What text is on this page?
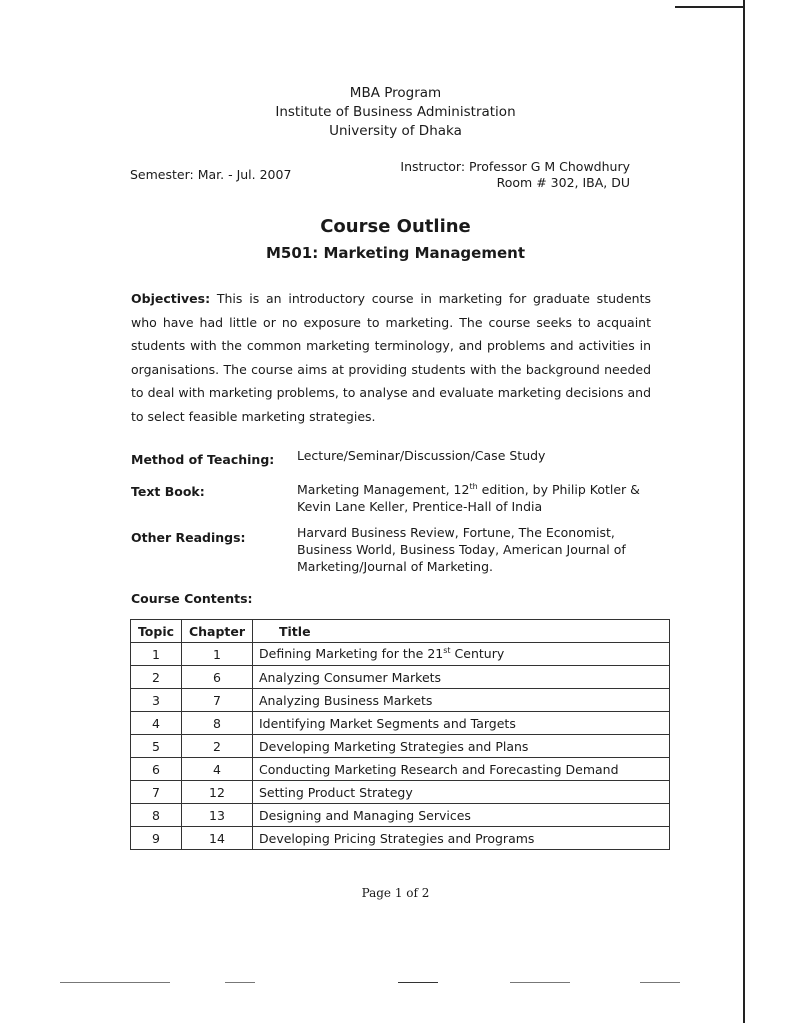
MBA Program
Institute of Business Administration
University of Dhaka
Semester: Mar. - Jul. 2007
Instructor: Professor G M Chowdhury
Room # 302, IBA, DU
Course Outline
M501: Marketing Management
Objectives: This is an introductory course in marketing for graduate students who have had little or no exposure to marketing. The course seeks to acquaint students with the common marketing terminology, and problems and activities in organisations. The course aims at providing students with the background needed to deal with marketing problems, to analyse and evaluate marketing decisions and to select feasible marketing strategies.
Method of Teaching: Lecture/Seminar/Discussion/Case Study
Text Book:	Marketing Management, 12th edition, by Philip Kotler &
Kevin Lane Keller, Prentice-Hall of India
Other Readings:	Harvard Business Review, Fortune, The Economist,
Business World, Business Today, American Journal of
Marketing/Journal of Marketing.
Course Contents:
Topic	Chapter	Title
1	1	Defining Marketing for the 21st Century
2	6	Analyzing Consumer Markets
3	7	Analyzing Business Markets
4	8	Identifying Market Segments and Targets
5	2	Developing Marketing Strategies and Plans
6	4	Conducting Marketing Research and Forecasting Demand
7	12	Setting Product Strategy
8	13	Designing and Managing Services
9	14	Developing Pricing Strategies and Programs
Page 1 of 2
